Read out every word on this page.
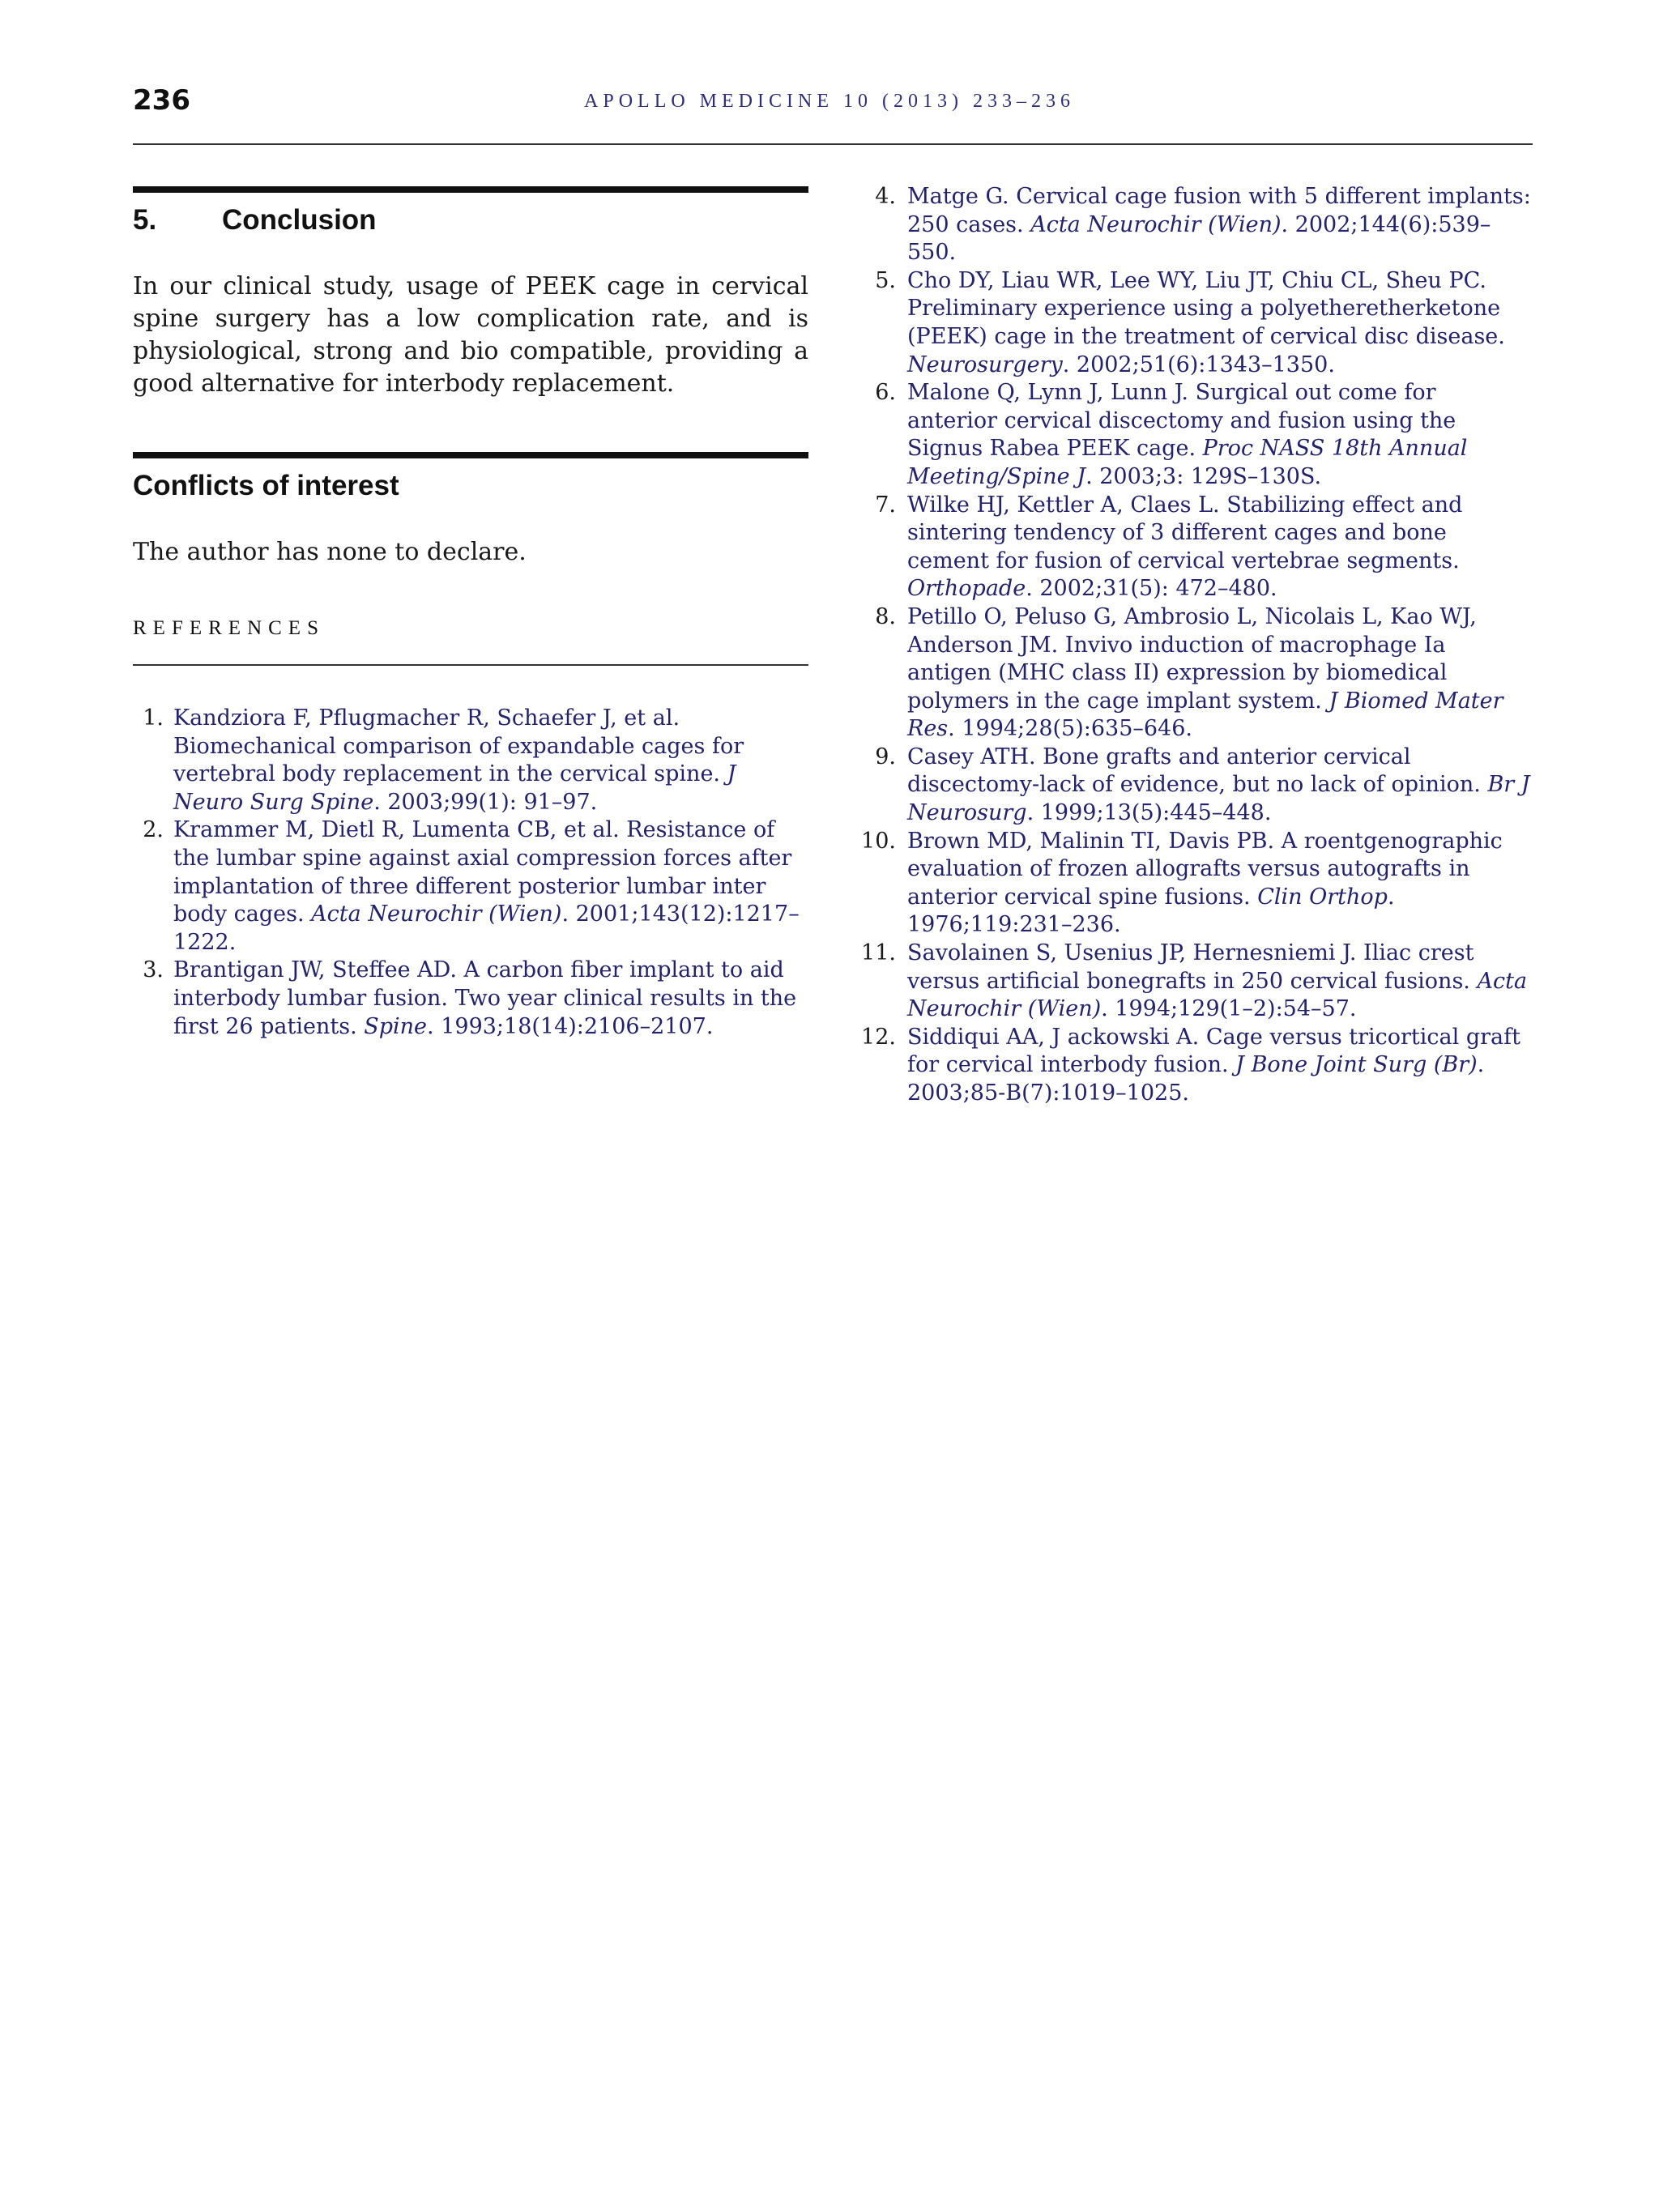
236	APOLLO MEDICINE 10 (2013) 233–236
5.	Conclusion

In our clinical study, usage of PEEK cage in cervical spine surgery has a low complication rate, and is physiological, strong and bio compatible, providing a good alternative for interbody replacement.

Conflicts of interest

The author has none to declare.

REFERENCES
1. Kandziora F, Pflugmacher R, Schaefer J, et al. Biomechanical comparison of expandable cages for vertebral body replacement in the cervical spine. J Neuro Surg Spine. 2003;99(1): 91–97.
2. Krammer M, Dietl R, Lumenta CB, et al. Resistance of the lumbar spine against axial compression forces after implantation of three different posterior lumbar inter body cages. Acta Neurochir (Wien). 2001;143(12):1217–1222.
3. Brantigan JW, Steffee AD. A carbon fiber implant to aid interbody lumbar fusion. Two year clinical results in the first 26 patients. Spine. 1993;18(14):2106–2107.
4. Matge G. Cervical cage fusion with 5 different implants: 250 cases. Acta Neurochir (Wien). 2002;144(6):539–550.
5. Cho DY, Liau WR, Lee WY, Liu JT, Chiu CL, Sheu PC. Preliminary experience using a polyetheretherketone (PEEK) cage in the treatment of cervical disc disease. Neurosurgery. 2002;51(6):1343–1350.
6. Malone Q, Lynn J, Lunn J. Surgical out come for anterior cervical discectomy and fusion using the Signus Rabea PEEK cage. Proc NASS 18th Annual Meeting/Spine J. 2003;3: 129S–130S.
7. Wilke HJ, Kettler A, Claes L. Stabilizing effect and sintering tendency of 3 different cages and bone cement for fusion of cervical vertebrae segments. Orthopade. 2002;31(5): 472–480.
8. Petillo O, Peluso G, Ambrosio L, Nicolais L, Kao WJ, Anderson JM. Invivo induction of macrophage Ia antigen (MHC class II) expression by biomedical polymers in the cage implant system. J Biomed Mater Res. 1994;28(5):635–646.
9. Casey ATH. Bone grafts and anterior cervical discectomy-lack of evidence, but no lack of opinion. Br J Neurosurg. 1999;13(5):445–448.
10. Brown MD, Malinin TI, Davis PB. A roentgenographic evaluation of frozen allografts versus autografts in anterior cervical spine fusions. Clin Orthop. 1976;119:231–236.
11. Savolainen S, Usenius JP, Hernesniemi J. Iliac crest versus artificial bonegrafts in 250 cervical fusions. Acta Neurochir (Wien). 1994;129(1–2):54–57.
12. Siddiqui AA, J ackowski A. Cage versus tricortical graft for cervical interbody fusion. J Bone Joint Surg (Br). 2003;85-B(7):1019–1025.
